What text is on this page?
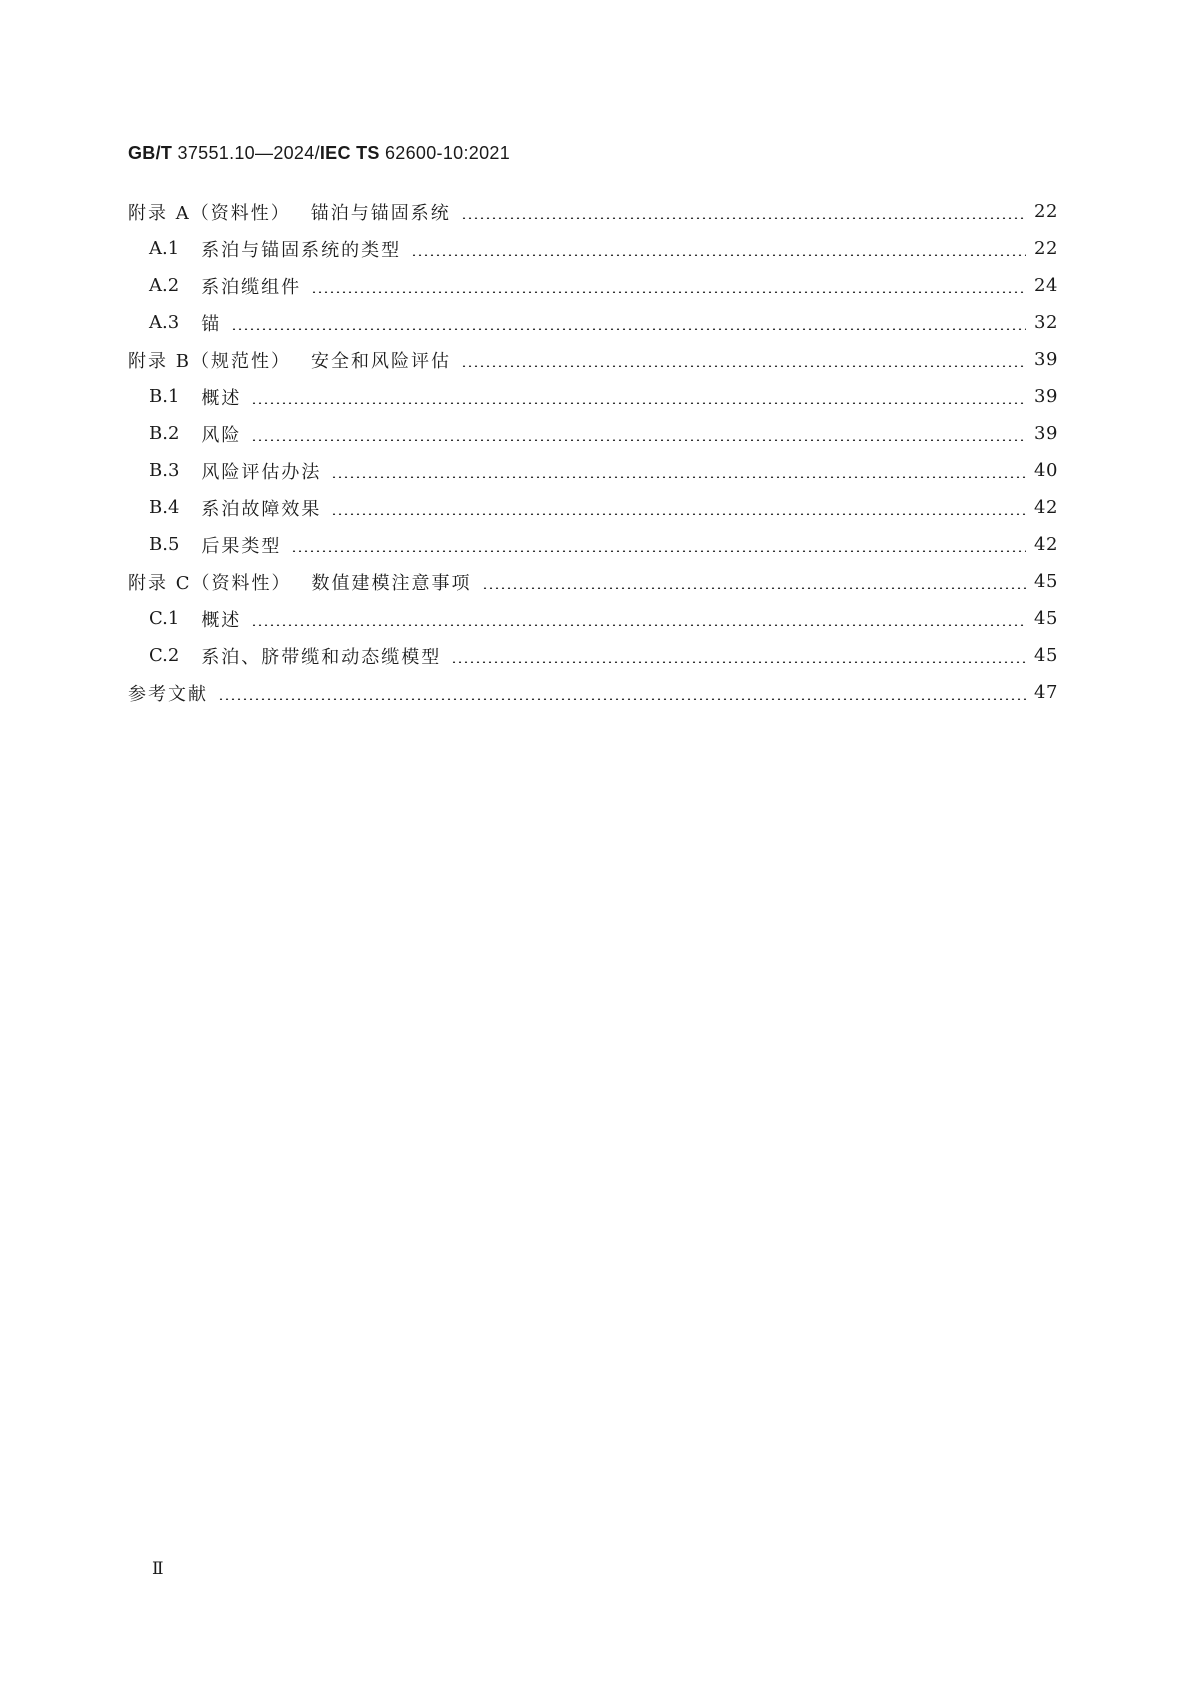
GB/T 37551.10—2024/IEC TS 62600-10:2021
附录 A（资料性） 锚泊与锚固系统	22
A.1 系泊与锚固系统的类型	22
A.2 系泊缆组件	24
A.3 锚	32
附录 B（规范性） 安全和风险评估	39
B.1 概述	39
B.2 风险	39
B.3 风险评估办法	40
B.4 系泊故障效果	42
B.5 后果类型	42
附录 C（资料性） 数值建模注意事项	45
C.1 概述	45
C.2 系泊、脐带缆和动态缆模型	45
参考文献	47
Ⅱ
